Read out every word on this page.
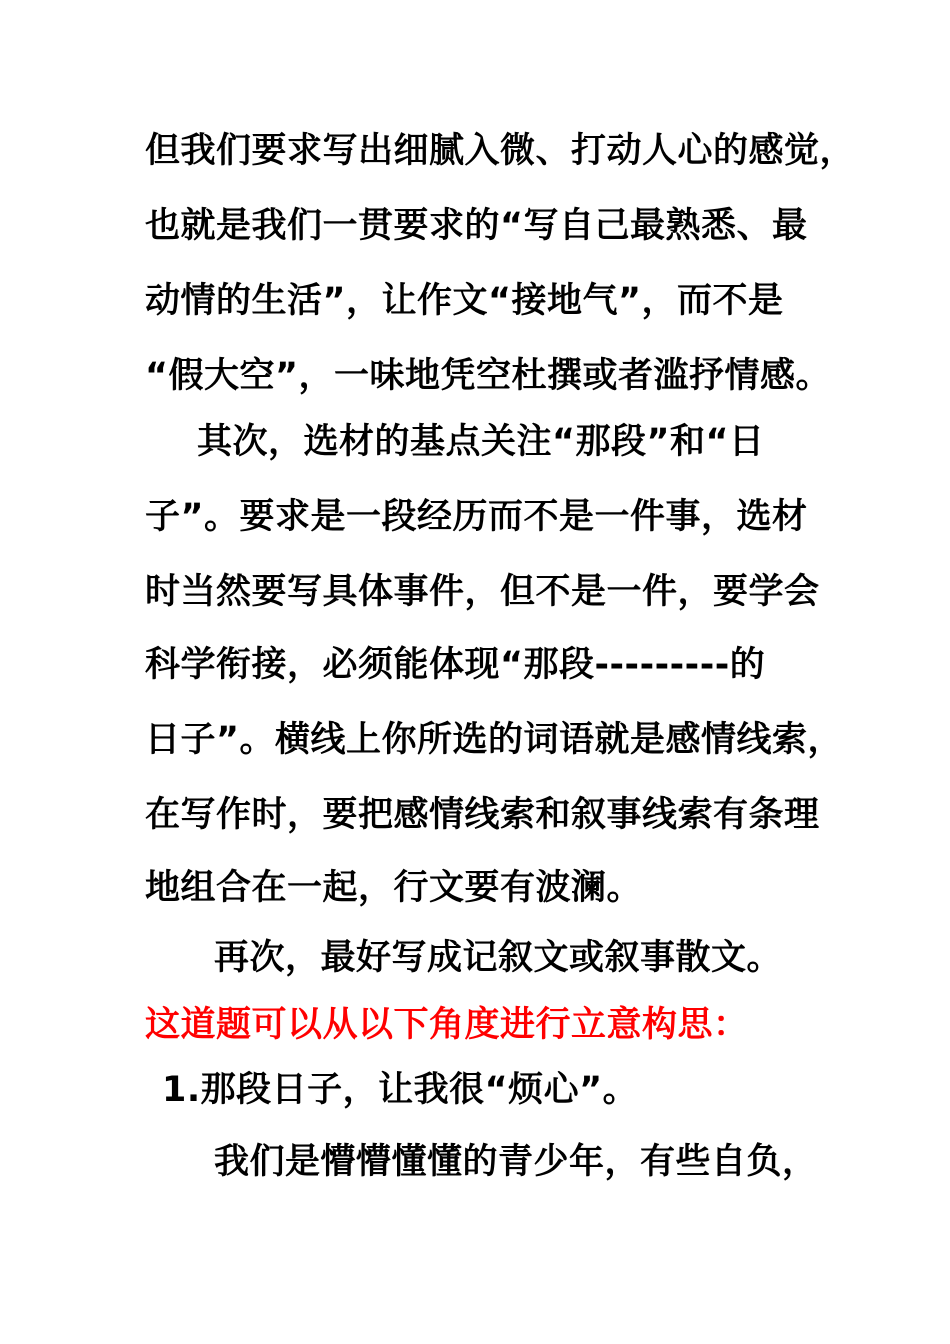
但我们要求写出细腻入微、打动人心的感觉，
也就是我们一贯要求的“写自己最熟悉、最
动情的生活”，让作文“接地气”，而不是
“假大空”，一味地凭空杜撰或者滥抒情感。
其次，选材的基点关注“那段”和“日
子”。要求是一段经历而不是一件事，选材
时当然要写具体事件，但不是一件，要学会
科学衔接，必须能体现“那段---------的
日子”。横线上你所选的词语就是感情线索，
在写作时，要把感情线索和叙事线索有条理
地组合在一起，行文要有波澜。
再次，最好写成记叙文或叙事散文。
这道题可以从以下角度进行立意构思：
1.那段日子，让我很“烦心”。
我们是懵懵懂懂的青少年，有些自负，
